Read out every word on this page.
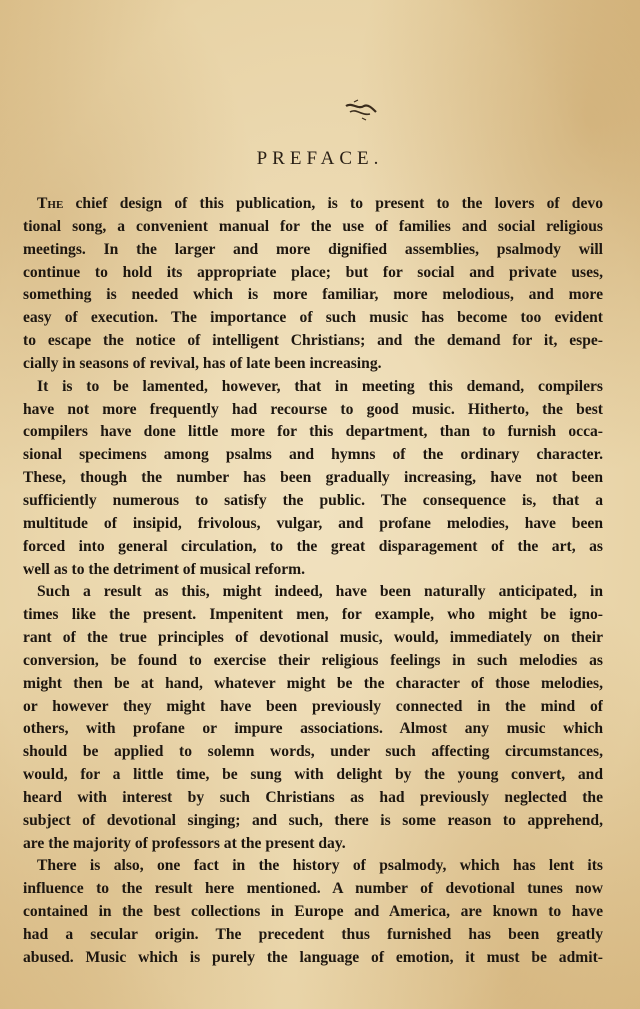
PREFACE.
The chief design of this publication, is to present to the lovers of devo
tional song, a convenient manual for the use of families and social religious
meetings. In the larger and more dignified assemblies, psalmody will
continue to hold its appropriate place; but for social and private uses,
something is needed which is more familiar, more melodious, and more
easy of execution. The importance of such music has become too evident
to escape the notice of intelligent Christians; and the demand for it, espe-
cially in seasons of revival, has of late been increasing.
It is to be lamented, however, that in meeting this demand, compilers
have not more frequently had recourse to good music. Hitherto, the best
compilers have done little more for this department, than to furnish occa-
sional specimens among psalms and hymns of the ordinary character.
These, though the number has been gradually increasing, have not been
sufficiently numerous to satisfy the public. The consequence is, that a
multitude of insipid, frivolous, vulgar, and profane melodies, have been
forced into general circulation, to the great disparagement of the art, as
well as to the detriment of musical reform.
Such a result as this, might indeed, have been naturally anticipated, in
times like the present. Impenitent men, for example, who might be igno-
rant of the true principles of devotional music, would, immediately on their
conversion, be found to exercise their religious feelings in such melodies as
might then be at hand, whatever might be the character of those melodies,
or however they might have been previously connected in the mind of
others, with profane or impure associations. Almost any music which
should be applied to solemn words, under such affecting circumstances,
would, for a little time, be sung with delight by the young convert, and
heard with interest by such Christians as had previously neglected the
subject of devotional singing; and such, there is some reason to apprehend,
are the majority of professors at the present day.
There is also, one fact in the history of psalmody, which has lent its
influence to the result here mentioned. A number of devotional tunes now
contained in the best collections in Europe and America, are known to have
had a secular origin. The precedent thus furnished has been greatly
abused. Music which is purely the language of emotion, it must be admit-
